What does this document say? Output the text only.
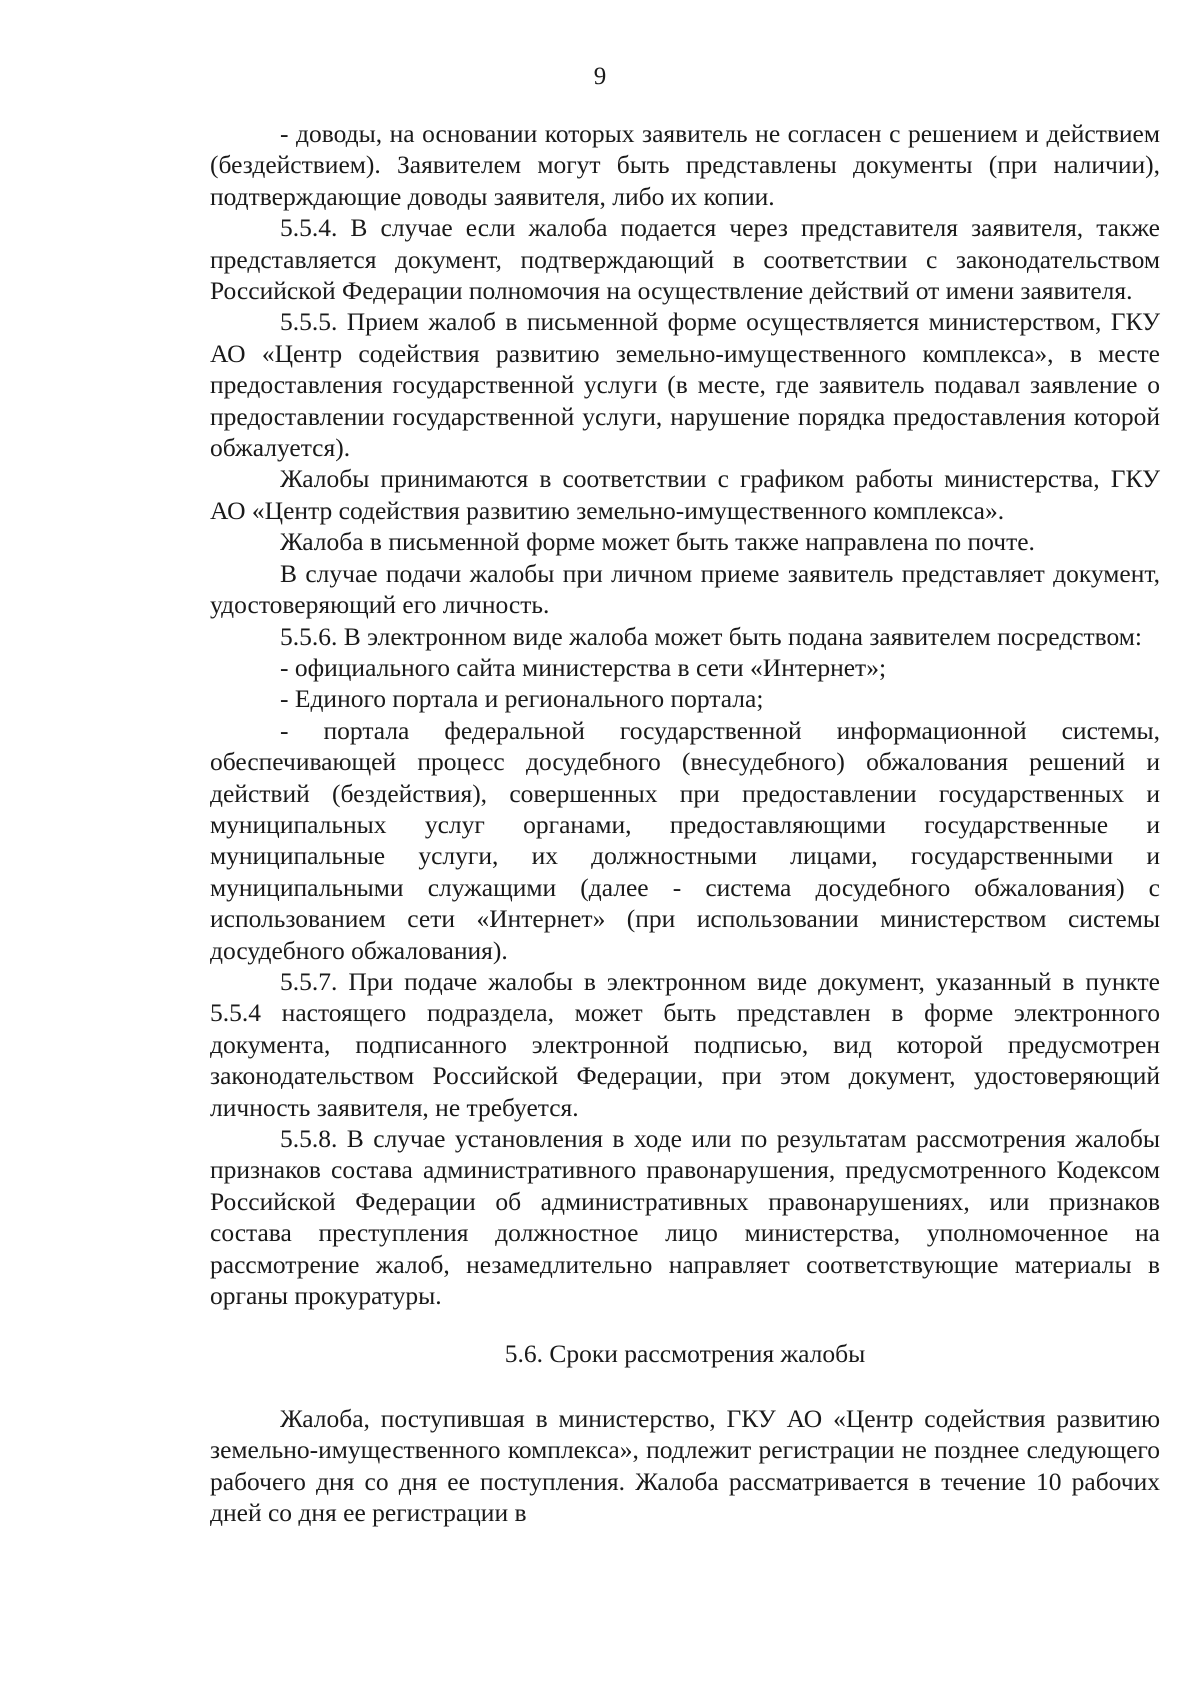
9

- доводы, на основании которых заявитель не согласен с решением и действием (бездействием). Заявителем могут быть представлены документы (при наличии), подтверждающие доводы заявителя, либо их копии.

5.5.4. В случае если жалоба подается через представителя заявителя, также представляется документ, подтверждающий в соответствии с законодательством Российской Федерации полномочия на осуществление действий от имени заявителя.

5.5.5. Прием жалоб в письменной форме осуществляется министерством, ГКУ АО «Центр содействия развитию земельно-имущественного комплекса», в месте предоставления государственной услуги (в месте, где заявитель подавал заявление о предоставлении государственной услуги, нарушение порядка предоставления которой обжалуется).

Жалобы принимаются в соответствии с графиком работы министерства, ГКУ АО «Центр содействия развитию земельно-имущественного комплекса».

Жалоба в письменной форме может быть также направлена по почте.

В случае подачи жалобы при личном приеме заявитель представляет документ, удостоверяющий его личность.

5.5.6. В электронном виде жалоба может быть подана заявителем посредством:

- официального сайта министерства в сети «Интернет»;

- Единого портала и регионального портала;

- портала федеральной государственной информационной системы, обеспечивающей процесс досудебного (внесудебного) обжалования решений и действий (бездействия), совершенных при предоставлении государственных и муниципальных услуг органами, предоставляющими государственные и муниципальные услуги, их должностными лицами, государственными и муниципальными служащими (далее - система досудебного обжалования) с использованием сети «Интернет» (при использовании министерством системы досудебного обжалования).

5.5.7. При подаче жалобы в электронном виде документ, указанный в пункте 5.5.4 настоящего подраздела, может быть представлен в форме электронного документа, подписанного электронной подписью, вид которой предусмотрен законодательством Российской Федерации, при этом документ, удостоверяющий личность заявителя, не требуется.

5.5.8. В случае установления в ходе или по результатам рассмотрения жалобы признаков состава административного правонарушения, предусмотренного Кодексом Российской Федерации об административных правонарушениях, или признаков состава преступления должностное лицо министерства, уполномоченное на рассмотрение жалоб, незамедлительно направляет соответствующие материалы в органы прокуратуры.

5.6. Сроки рассмотрения жалобы

Жалоба, поступившая в министерство, ГКУ АО «Центр содействия развитию земельно-имущественного комплекса», подлежит регистрации не позднее следующего рабочего дня со дня ее поступления. Жалоба рассматривается в течение 10 рабочих дней со дня ее регистрации в
